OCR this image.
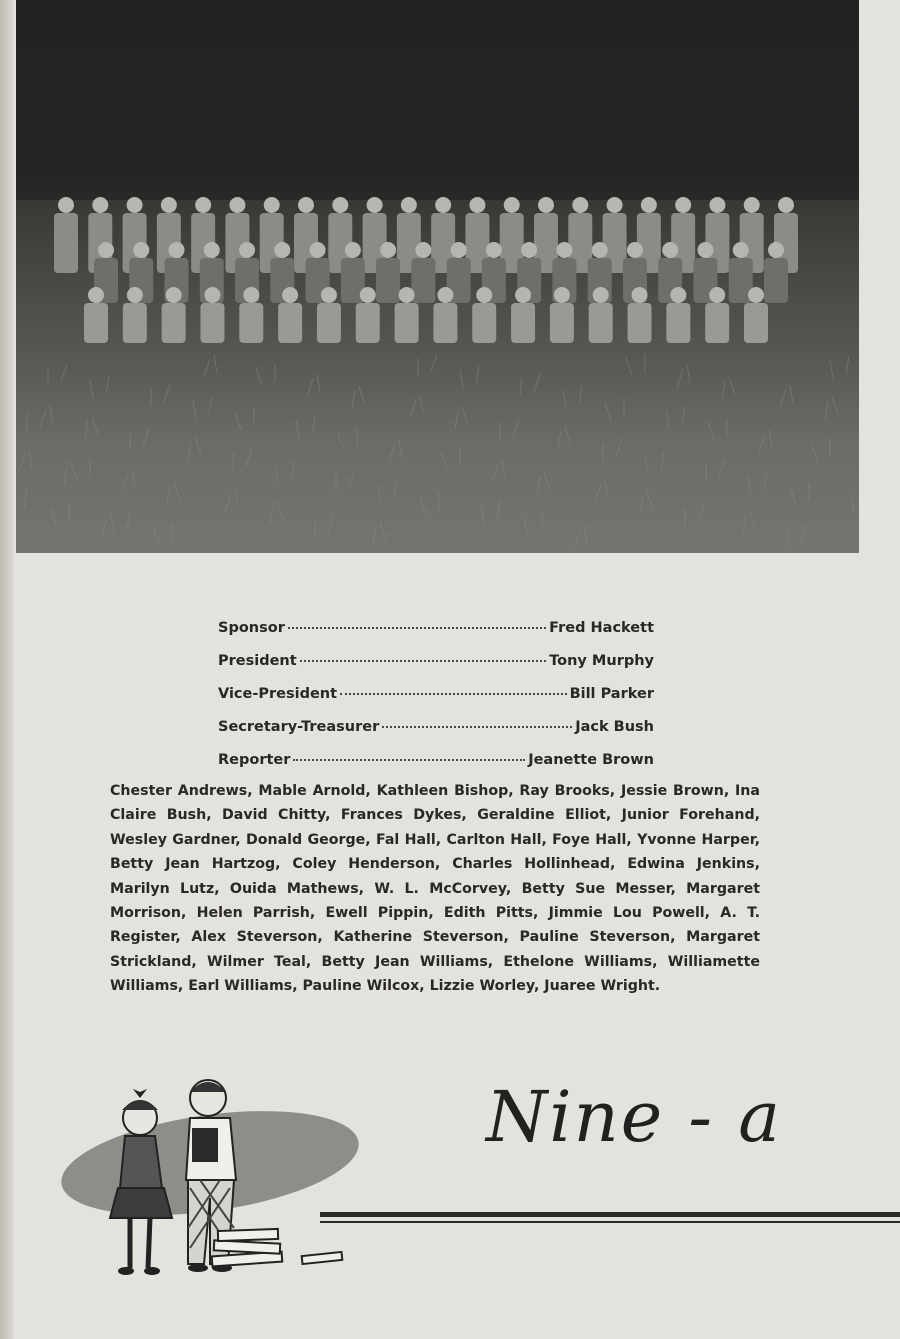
Sponsor	Fred Hackett
President	Tony Murphy
Vice-President	Bill Parker
Secretary-Treasurer	Jack Bush
Reporter	Jeanette Brown
Chester Andrews, Mable Arnold, Kathleen Bishop, Ray Brooks, Jessie Brown, Ina Claire Bush, David Chitty, Frances Dykes, Geraldine Elliot, Junior Forehand, Wesley Gardner, Donald George, Fal Hall, Carlton Hall, Foye Hall, Yvonne Harper, Betty Jean Hartzog, Coley Henderson, Charles Hollinhead, Edwina Jenkins, Marilyn Lutz, Ouida Mathews, W. L. McCorvey, Betty Sue Messer, Margaret Morrison, Helen Parrish, Ewell Pippin, Edith Pitts, Jimmie Lou Powell, A. T. Register, Alex Steverson, Katherine Steverson, Pauline Steverson, Margaret Strickland, Wilmer Teal, Betty Jean Williams, Ethelone Williams, Williamette Williams, Earl Williams, Pauline Wilcox, Lizzie Worley, Juaree Wright.
Nine - a
